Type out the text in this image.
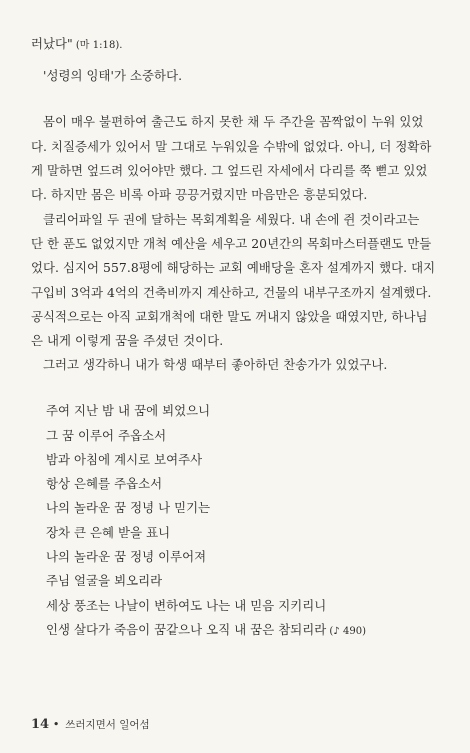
러났다" (마 1:18).
'성령의 잉태'가 소중하다.
몸이 매우 불편하여 출근도 하지 못한 채 두 주간을 꼼짝없이 누워 있었
다. 치질증세가 있어서 말 그대로 누워있을 수밖에 없었다. 아니, 더 정확하
게 말하면 엎드려 있어야만 했다. 그 엎드린 자세에서 다리를 쭉 뻗고 있었
다. 하지만 몸은 비록 아파 끙끙거렸지만 마음만은 흥분되었다.
클리어파일 두 권에 달하는 목회계획을 세웠다. 내 손에 쥔 것이라고는
단 한 푼도 없었지만 개척 예산을 세우고 20년간의 목회마스터플랜도 만들
었다. 심지어 557.8평에 해당하는 교회 예배당을 혼자 설계까지 했다. 대지
구입비 3억과 4억의 건축비까지 계산하고, 건물의 내부구조까지 설계했다.
공식적으로는 아직 교회개척에 대한 말도 꺼내지 않았을 때였지만, 하나님
은 내게 이렇게 꿈을 주셨던 것이다.
그러고 생각하니 내가 학생 때부터 좋아하던 찬송가가 있었구나.
주여 지난 밤 내 꿈에 뵈었으니
그 꿈 이루어 주옵소서
밤과 아침에 계시로 보여주사
항상 은혜를 주옵소서
나의 놀라운 꿈 정녕 나 믿기는
장차 큰 은혜 받을 표니
나의 놀라운 꿈 정녕 이루어져
주님 얼굴을 뵈오리라
세상 풍조는 나날이 변하여도 나는 내 믿음 지키리니
인생 살다가 죽음이 꿈같으나 오직 내 꿈은 참되리라 (♪ 490)
14 • 쓰러지면서 일어섬
